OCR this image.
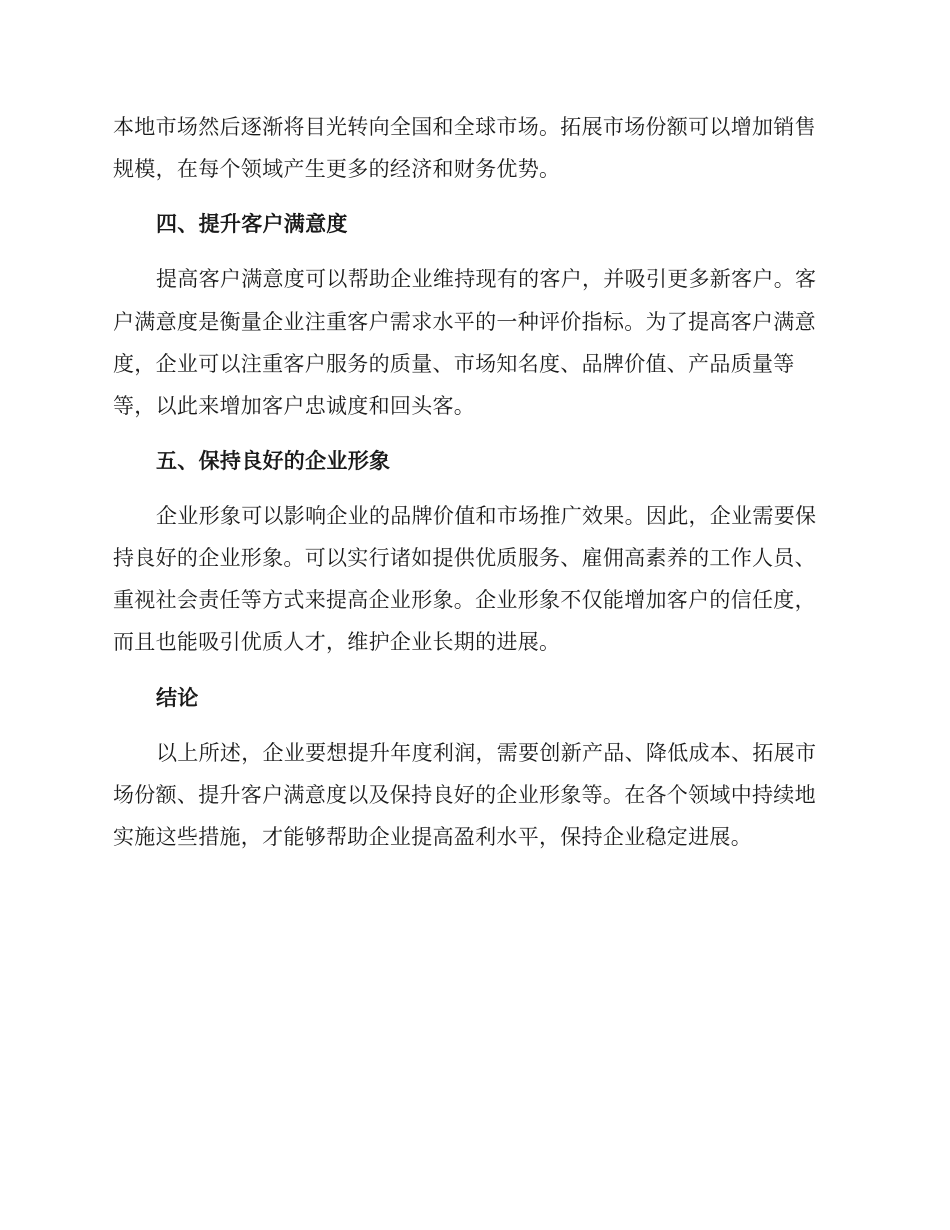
本地市场然后逐渐将目光转向全国和全球市场。拓展市场份额可以增加销售
规模，在每个领域产生更多的经济和财务优势。
四、提升客户满意度
提高客户满意度可以帮助企业维持现有的客户，并吸引更多新客户。客
户满意度是衡量企业注重客户需求水平的一种评价指标。为了提高客户满意
度，企业可以注重客户服务的质量、市场知名度、品牌价值、产品质量等
等，以此来增加客户忠诚度和回头客。
五、保持良好的企业形象
企业形象可以影响企业的品牌价值和市场推广效果。因此，企业需要保
持良好的企业形象。可以实行诸如提供优质服务、雇佣高素养的工作人员、
重视社会责任等方式来提高企业形象。企业形象不仅能增加客户的信任度，
而且也能吸引优质人才，维护企业长期的进展。
结论
以上所述，企业要想提升年度利润，需要创新产品、降低成本、拓展市
场份额、提升客户满意度以及保持良好的企业形象等。在各个领域中持续地
实施这些措施，才能够帮助企业提高盈利水平，保持企业稳定进展。
